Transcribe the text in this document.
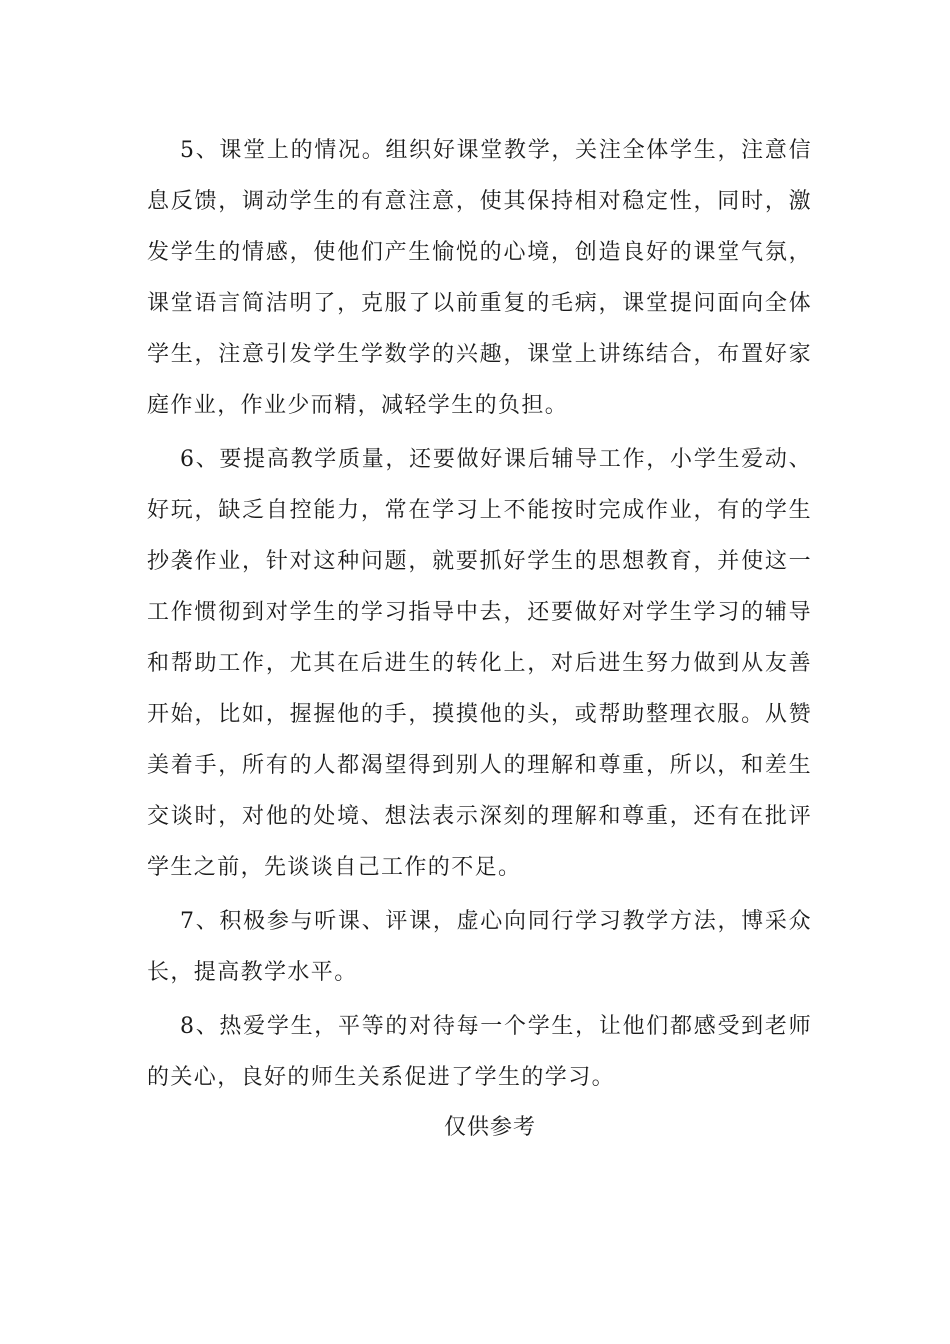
5、课堂上的情况。组织好课堂教学，关注全体学生，注意信息反馈，调动学生的有意注意，使其保持相对稳定性，同时，激发学生的情感，使他们产生愉悦的心境，创造良好的课堂气氛，课堂语言简洁明了，克服了以前重复的毛病，课堂提问面向全体学生，注意引发学生学数学的兴趣，课堂上讲练结合，布置好家庭作业，作业少而精，减轻学生的负担。

6、要提高教学质量，还要做好课后辅导工作，小学生爱动、好玩，缺乏自控能力，常在学习上不能按时完成作业，有的学生抄袭作业，针对这种问题，就要抓好学生的思想教育，并使这一工作惯彻到对学生的学习指导中去，还要做好对学生学习的辅导和帮助工作，尤其在后进生的转化上，对后进生努力做到从友善开始，比如，握握他的手，摸摸他的头，或帮助整理衣服。从赞美着手，所有的人都渴望得到别人的理解和尊重，所以，和差生交谈时，对他的处境、想法表示深刻的理解和尊重，还有在批评学生之前，先谈谈自己工作的不足。

7、积极参与听课、评课，虚心向同行学习教学方法，博采众长，提高教学水平。

8、热爱学生，平等的对待每一个学生，让他们都感受到老师的关心，良好的师生关系促进了学生的学习。

仅供参考
